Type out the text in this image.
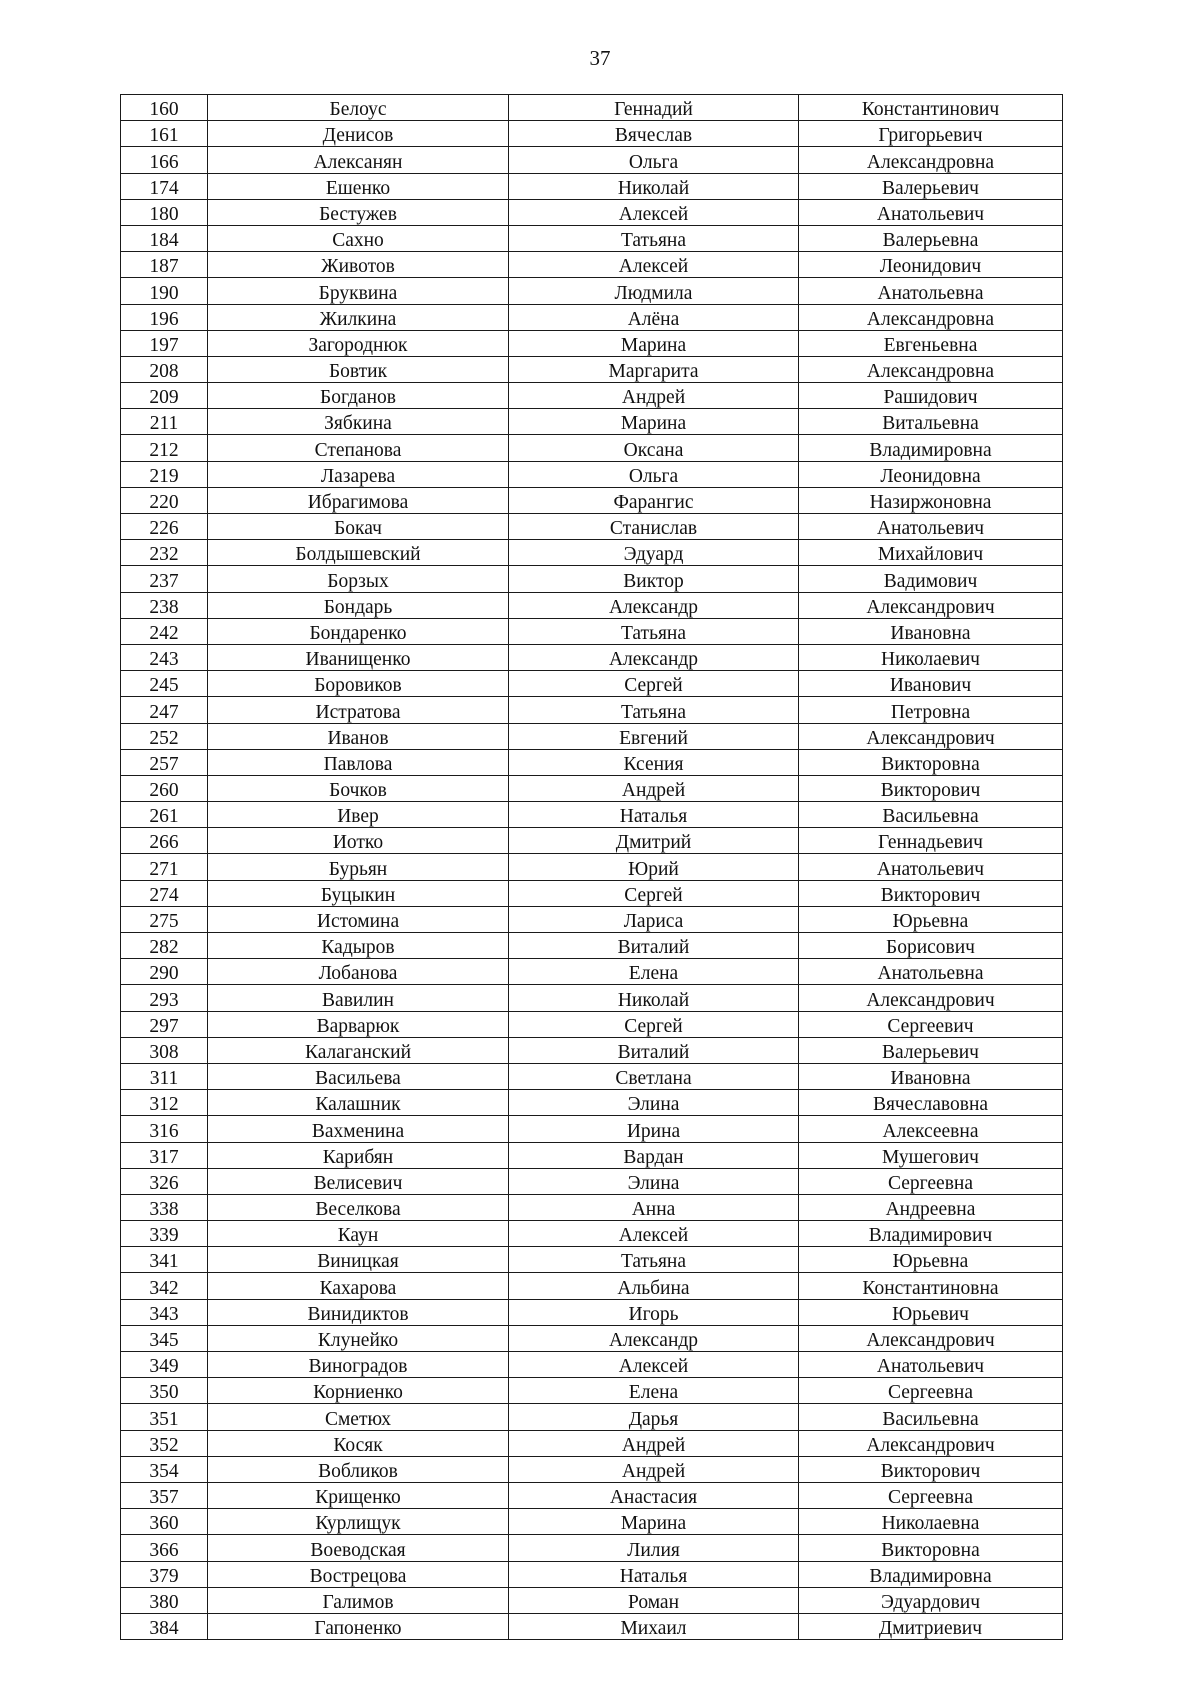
37
160	Белоус	Геннадий	Константинович
161	Денисов	Вячеслав	Григорьевич
166	Алексанян	Ольга	Александровна
174	Ешенко	Николай	Валерьевич
180	Бестужев	Алексей	Анатольевич
184	Сахно	Татьяна	Валерьевна
187	Животов	Алексей	Леонидович
190	Бруквина	Людмила	Анатольевна
196	Жилкина	Алёна	Александровна
197	Загороднюк	Марина	Евгеньевна
208	Бовтик	Маргарита	Александровна
209	Богданов	Андрей	Рашидович
211	Зябкина	Марина	Витальевна
212	Степанова	Оксана	Владимировна
219	Лазарева	Ольга	Леонидовна
220	Ибрагимова	Фарангис	Назиржоновна
226	Бокач	Станислав	Анатольевич
232	Болдышевский	Эдуард	Михайлович
237	Борзых	Виктор	Вадимович
238	Бондарь	Александр	Александрович
242	Бондаренко	Татьяна	Ивановна
243	Иванищенко	Александр	Николаевич
245	Боровиков	Сергей	Иванович
247	Истратова	Татьяна	Петровна
252	Иванов	Евгений	Александрович
257	Павлова	Ксения	Викторовна
260	Бочков	Андрей	Викторович
261	Ивер	Наталья	Васильевна
266	Иотко	Дмитрий	Геннадьевич
271	Бурьян	Юрий	Анатольевич
274	Буцыкин	Сергей	Викторович
275	Истомина	Лариса	Юрьевна
282	Кадыров	Виталий	Борисович
290	Лобанова	Елена	Анатольевна
293	Вавилин	Николай	Александрович
297	Варварюк	Сергей	Сергеевич
308	Калаганский	Виталий	Валерьевич
311	Васильева	Светлана	Ивановна
312	Калашник	Элина	Вячеславовна
316	Вахменина	Ирина	Алексеевна
317	Карибян	Вардан	Мушегович
326	Велисевич	Элина	Сергеевна
338	Веселкова	Анна	Андреевна
339	Каун	Алексей	Владимирович
341	Виницкая	Татьяна	Юрьевна
342	Кахарова	Альбина	Константиновна
343	Винидиктов	Игорь	Юрьевич
345	Клунейко	Александр	Александрович
349	Виноградов	Алексей	Анатольевич
350	Корниенко	Елена	Сергеевна
351	Сметюх	Дарья	Васильевна
352	Косяк	Андрей	Александрович
354	Вобликов	Андрей	Викторович
357	Крищенко	Анастасия	Сергеевна
360	Курлищук	Марина	Николаевна
366	Воеводская	Лилия	Викторовна
379	Вострецова	Наталья	Владимировна
380	Галимов	Роман	Эдуардович
384	Гапоненко	Михаил	Дмитриевич
